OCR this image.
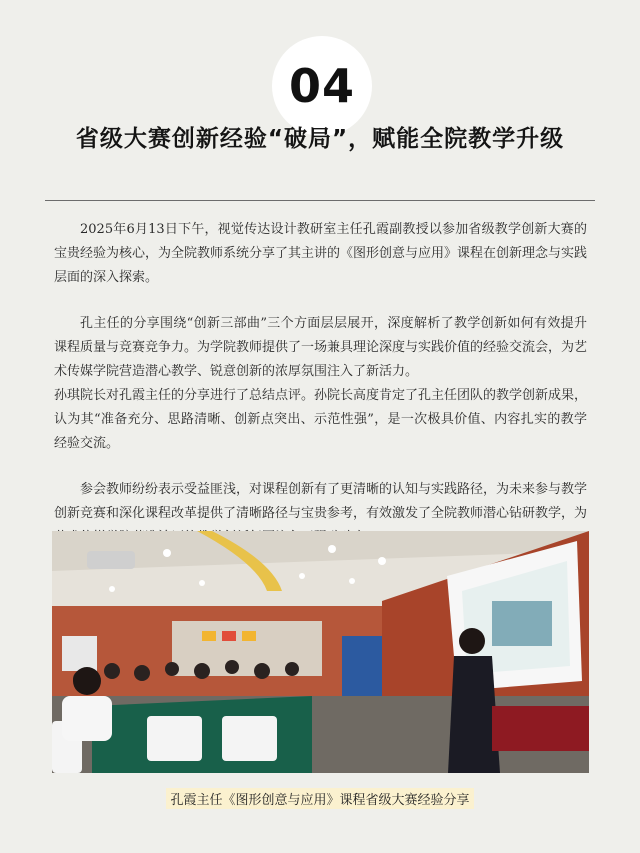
04
省级大赛创新经验“破局”，赋能全院教学升级

2025年6月13日下午，视觉传达设计教研室主任孔霞副教授以参加省级教学创新大赛的宝贵经验为核心，为全院教师系统分享了其主讲的《图形创意与应用》课程在创新理念与实践层面的深入探索。

孔主任的分享围绕“创新三部曲”三个方面层层展开，深度解析了教学创新如何有效提升课程质量与竞赛竞争力。为学院教师提供了一场兼具理论深度与实践价值的经验交流会，为艺术传媒学院营造潜心教学、锐意创新的浓厚氛围注入了新活力。

孙琪院长对孔霞主任的分享进行了总结点评。孙院长高度肯定了孔主任团队的教学创新成果，认为其“准备充分、思路清晰、创新点突出、示范性强”，是一次极具价值、内容扎实的教学经验交流。

参会教师纷纷表示受益匪浅，对课程创新有了更清晰的认知与实践路径，为未来参与教学创新竞赛和深化课程改革提供了清晰路径与宝贵参考，有效激发了全院教师潜心钻研教学，为

孔霞主任《图形创意与应用》课程省级大赛经验分享
